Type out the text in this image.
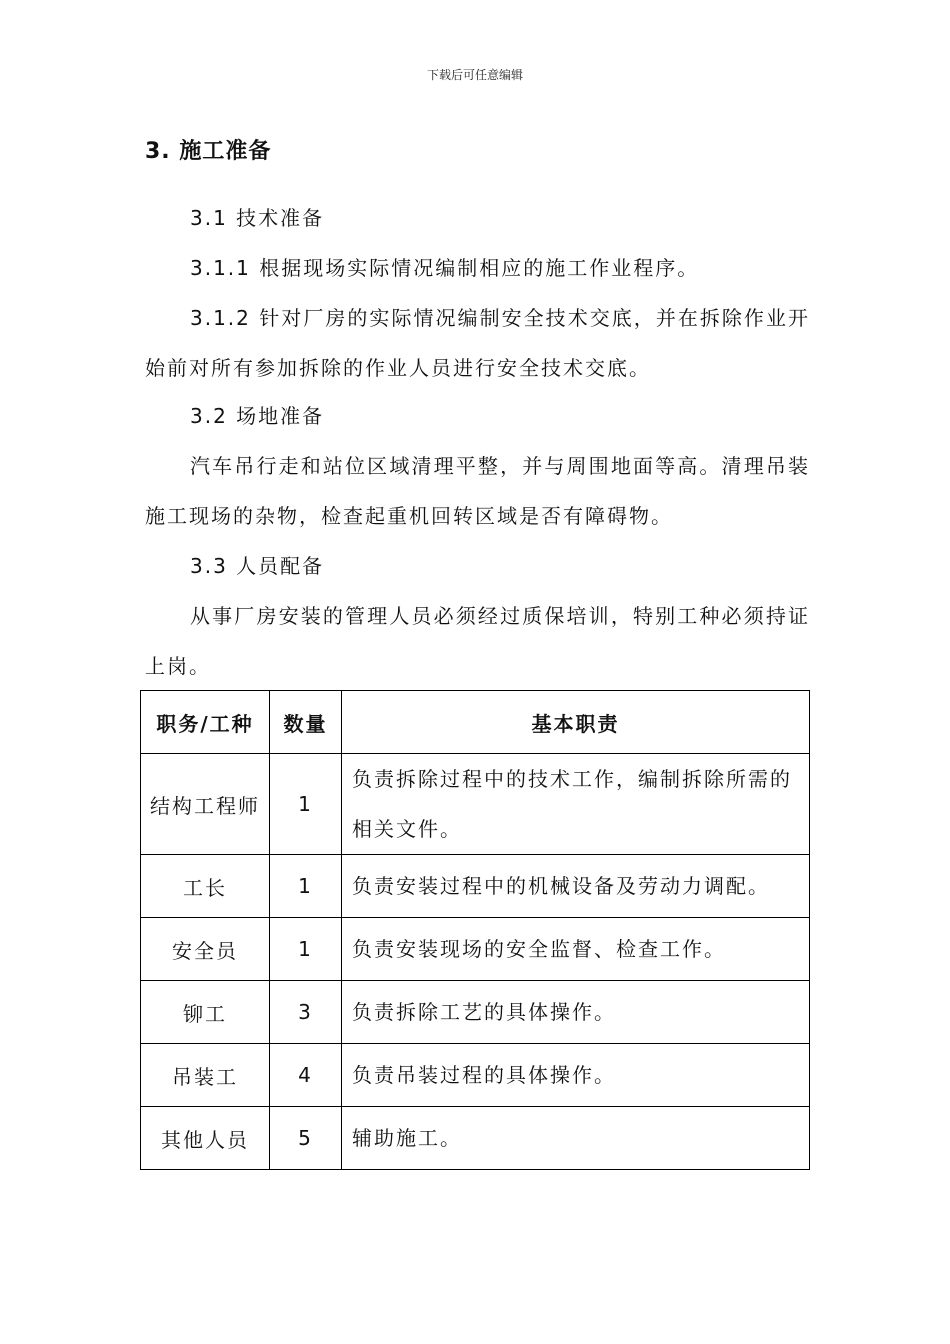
下载后可任意编辑
3. 施工准备

3.1 技术准备

3.1.1 根据现场实际情况编制相应的施工作业程序。

3.1.2 针对厂房的实际情况编制安全技术交底，并在拆除作业开始前对所有参加拆除的作业人员进行安全技术交底。

3.2 场地准备

汽车吊行走和站位区域清理平整，并与周围地面等高。清理吊装施工现场的杂物，检查起重机回转区域是否有障碍物。

3.3 人员配备

从事厂房安装的管理人员必须经过质保培训，特别工种必须持证上岗。

职务/工种	数量	基本职责
结构工程师	1	负责拆除过程中的技术工作，编制拆除所需的相关文件。
工长	1	负责安装过程中的机械设备及劳动力调配。
安全员	1	负责安装现场的安全监督、检查工作。
铆工	3	负责拆除工艺的具体操作。
吊装工	4	负责吊装过程的具体操作。
其他人员	5	辅助施工。
